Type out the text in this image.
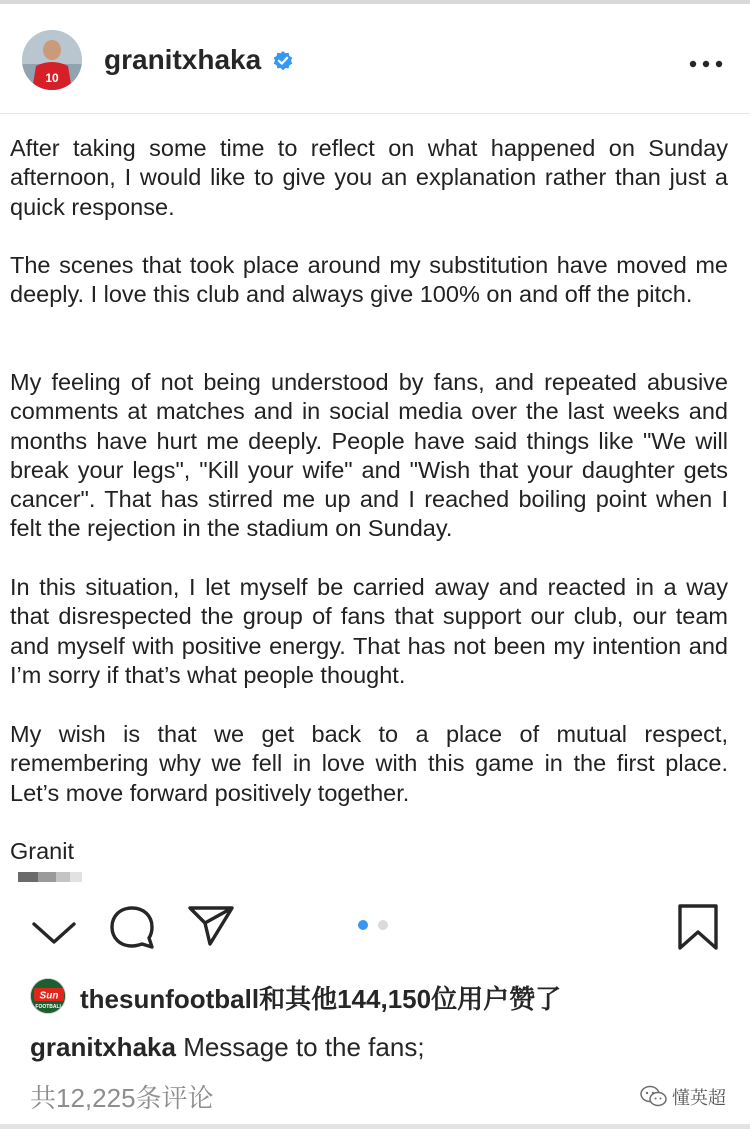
10
granitxhaka

After taking some time to reflect on what happened on Sunday afternoon, I would like to give you an explanation rather than just a quick response.

The scenes that took place around my substitution have moved me deeply. I love this club and always give 100% on and off the pitch.

My feeling of not being understood by fans, and repeated abusive comments at matches and in social media over the last weeks and months have hurt me deeply. People have said things like "We will break your legs", "Kill your wife" and "Wish that your daughter gets cancer". That has stirred me up and I reached boiling point when I felt the rejection in the stadium on Sunday.

In this situation, I let myself be carried away and reacted in a way that disrespected the group of fans that support our club, our team and myself with positive energy. That has not been my intention and I’m sorry if that’s what people thought.

My wish is that we get back to a place of mutual respect, remembering why we fell in love with this game in the first place. Let’s move forward positively together.

Granit
Sun
FOOTBALL thesunfootball和其他144,150位用户赞了
granitxhaka Message to the fans;
共12,225条评论	懂英超
